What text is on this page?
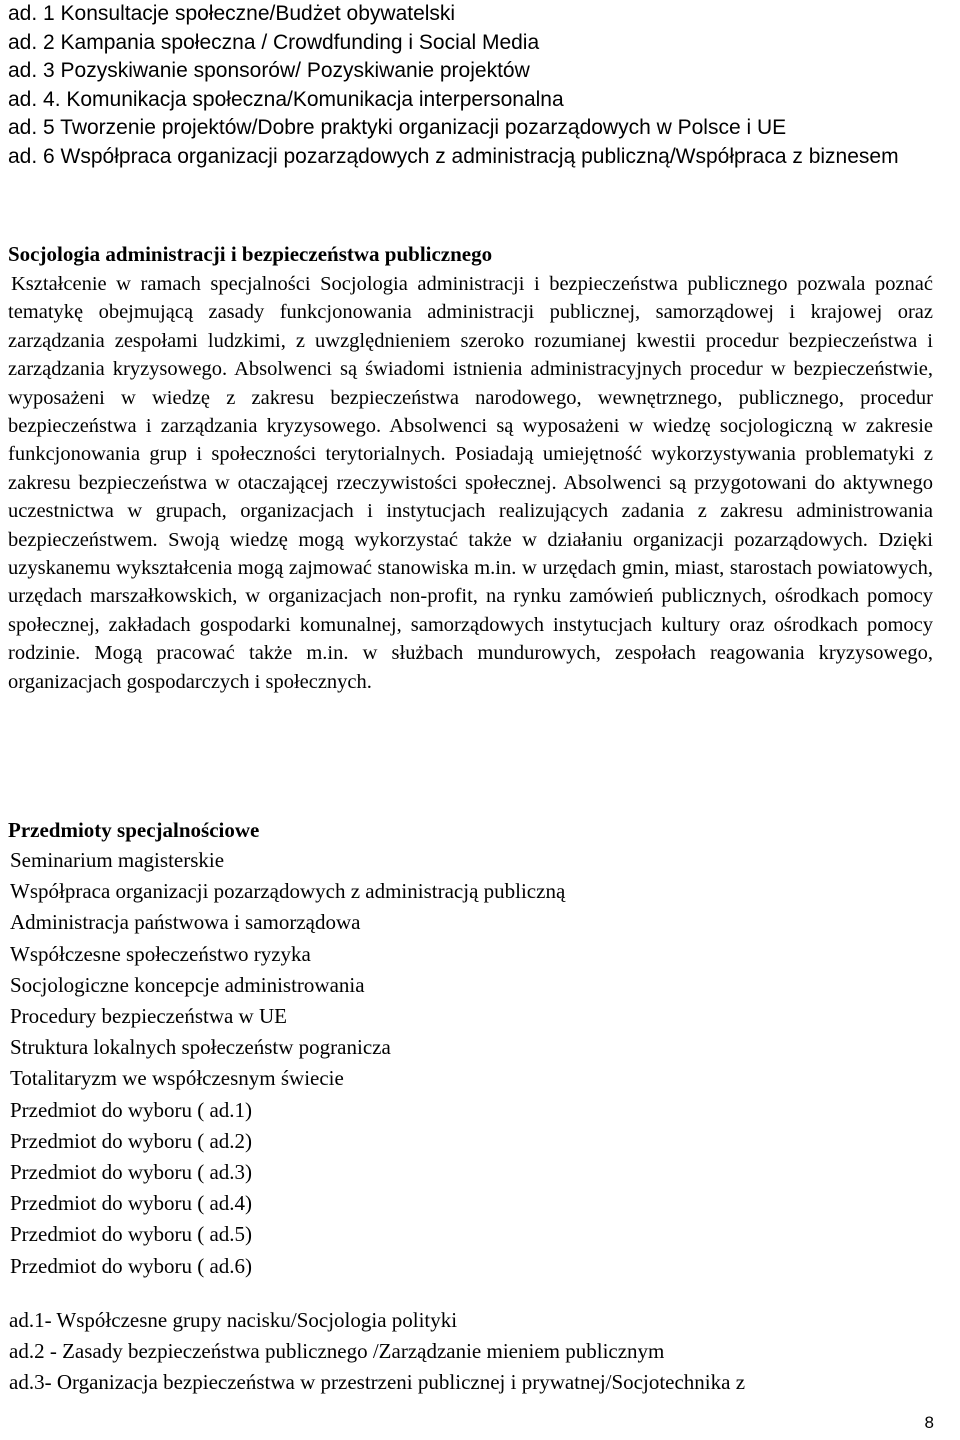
ad. 1 Konsultacje społeczne/Budżet obywatelski
ad. 2 Kampania społeczna / Crowdfunding i Social Media
ad. 3 Pozyskiwanie sponsorów/ Pozyskiwanie projektów
ad. 4. Komunikacja społeczna/Komunikacja interpersonalna
ad. 5 Tworzenie projektów/Dobre praktyki organizacji pozarządowych w Polsce i UE
ad. 6 Współpraca organizacji pozarządowych z administracją publiczną/Współpraca z biznesem
Socjologia administracji i bezpieczeństwa publicznego
Kształcenie w ramach specjalności Socjologia administracji i bezpieczeństwa publicznego pozwala poznać tematykę obejmującą zasady funkcjonowania administracji publicznej, samorządowej i krajowej oraz zarządzania zespołami ludzkimi, z uwzględnieniem szeroko rozumianej kwestii procedur bezpieczeństwa i zarządzania kryzysowego. Absolwenci są świadomi istnienia administracyjnych procedur w bezpieczeństwie, wyposażeni w wiedzę z zakresu bezpieczeństwa narodowego, wewnętrznego, publicznego, procedur bezpieczeństwa i zarządzania kryzysowego. Absolwenci są wyposażeni w wiedzę socjologiczną w zakresie funkcjonowania grup i społeczności terytorialnych. Posiadają umiejętność wykorzystywania problematyki z zakresu bezpieczeństwa w otaczającej rzeczywistości społecznej. Absolwenci są przygotowani do aktywnego uczestnictwa w grupach, organizacjach i instytucjach realizujących zadania z zakresu administrowania bezpieczeństwem. Swoją wiedzę mogą wykorzystać także w działaniu organizacji pozarządowych. Dzięki uzyskanemu wykształcenia mogą zajmować stanowiska m.in. w urzędach gmin, miast, starostach powiatowych, urzędach marszałkowskich, w organizacjach non-profit, na rynku zamówień publicznych, ośrodkach pomocy społecznej, zakładach gospodarki komunalnej, samorządowych instytucjach kultury oraz ośrodkach pomocy rodzinie. Mogą pracować także m.in. w służbach mundurowych, zespołach reagowania kryzysowego, organizacjach gospodarczych i społecznych.
Przedmioty specjalnościowe
Seminarium magisterskie
Współpraca organizacji pozarządowych z administracją publiczną
Administracja państwowa i samorządowa
Współczesne społeczeństwo ryzyka
Socjologiczne koncepcje administrowania
Procedury bezpieczeństwa w UE
Struktura lokalnych społeczeństw pogranicza
Totalitaryzm we współczesnym świecie
Przedmiot do wyboru ( ad.1)
Przedmiot do wyboru ( ad.2)
Przedmiot do wyboru ( ad.3)
Przedmiot do wyboru ( ad.4)
Przedmiot do wyboru ( ad.5)
Przedmiot do wyboru ( ad.6)
ad.1- Współczesne grupy nacisku/Socjologia polityki
ad.2 - Zasady bezpieczeństwa publicznego /Zarządzanie mieniem publicznym
ad.3- Organizacja bezpieczeństwa w przestrzeni publicznej i prywatnej/Socjotechnika z
8
